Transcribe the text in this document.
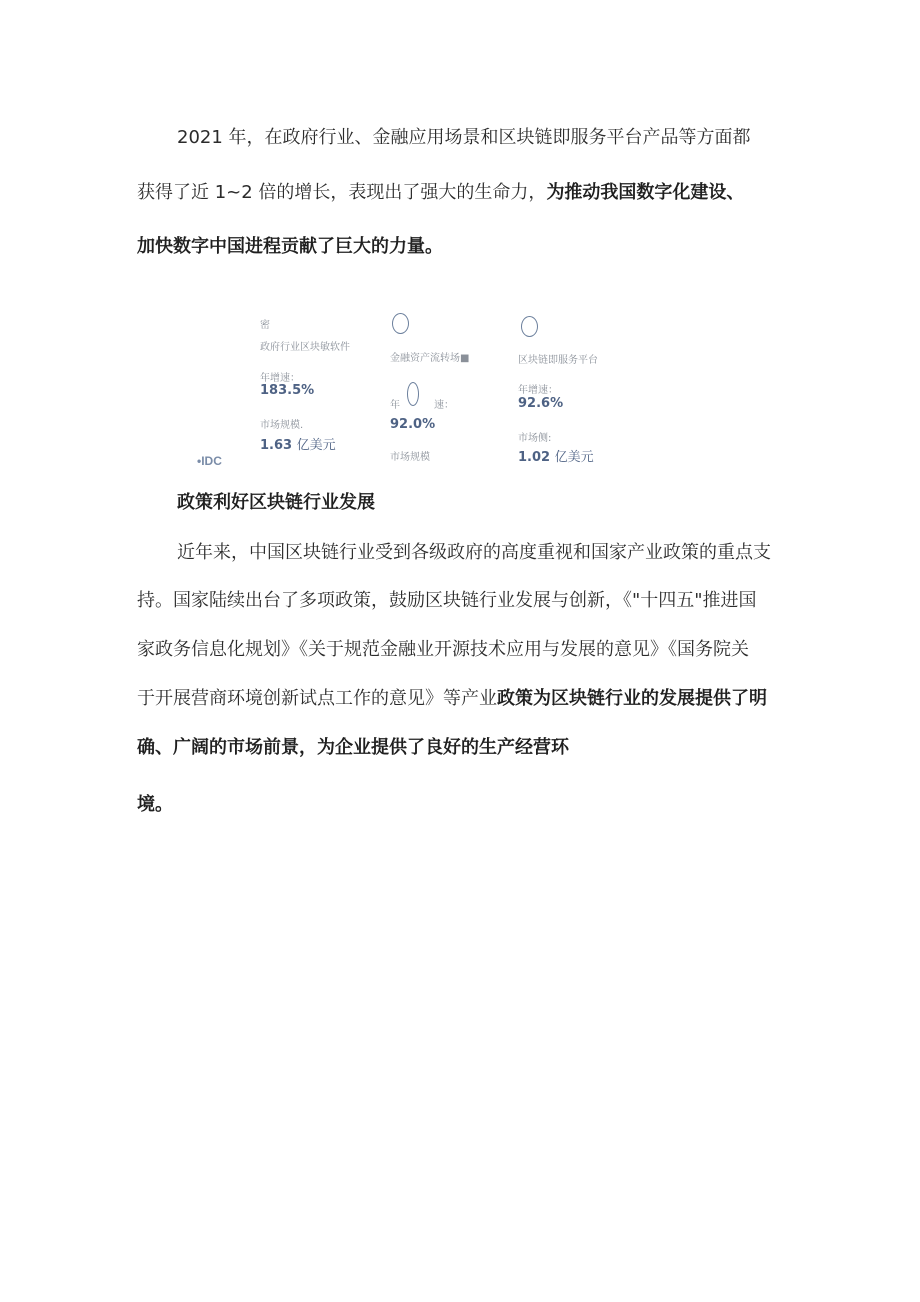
2021 年，在政府行业、金融应用场景和区块链即服务平台产品等方面都

获得了近 1~2 倍的增长，表现出了强大的生命力，为推动我国数字化建设、

加快数字中国进程贡献了巨大的力量。

密
政府行业区块敏软件
年增速：
183.5%
市场规模.
1.63 亿美元
金融资产流转场■
年	速：
92.0%
市场规模
区块链即服务平台
年增速：
92.6%
市场侧:
1.02 亿美元
•IDC

政策利好区块链行业发展

近年来，中国区块链行业受到各级政府的高度重视和国家产业政策的重点支

持。国家陆续出台了多项政策，鼓励区块链行业发展与创新，《"十四五"推进国

家政务信息化规划》《关于规范金融业开源技术应用与发展的意见》《国务院关

于开展营商环境创新试点工作的意见》等产业政策为区块链行业的发展提供了明

确、广阔的市场前景，为企业提供了良好的生产经营环

境。
